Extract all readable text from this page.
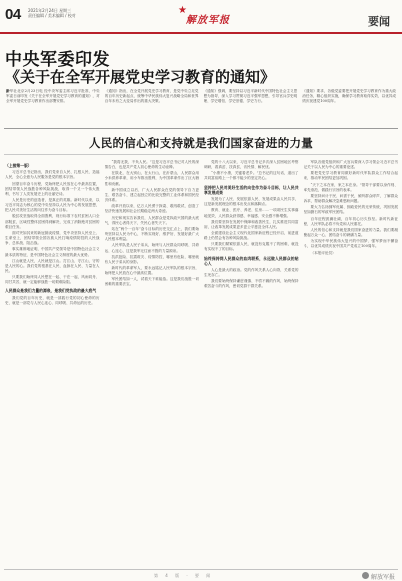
04 2021年2月24日 星期三
责任编辑 / 美术编辑 / 校对	★
解放军报	要闻
中央军委印发
《关于在全军开展党史学习教育的通知》
新华社北京2月23日电 经中央军委主席习近平批准，中央军委日前印发《关于在全军开展党史学习教育的通知》，对全军开展党史学习教育作出部署安排。
《通知》指出，在全党开展党史学习教育，是党中央立足党的百年历史新起点、统筹中华民族伟大复兴战略全局和世界百年未有之大变局作出的重大决策。
《通知》强调，要坚持以习近平新时代中国特色社会主义思想为指导，深入学习贯彻习近平强军思想，引导官兵学史明理、学史增信、学史崇德、学史力行。
《通知》要求，各级党委要把开展党史学习教育作为重大政治任务，精心组织实施，确保学习教育取得实效，以优异成绩庆祝建党100周年。
人民的信心和支持就是我们国家奋进的力量

（上接第一版）

习近平总书记指出，我们党来自人民、扎根人民、造福人民，全心全意为人民服务是党的根本宗旨。

回望百年奋斗历程，党始终把人民放在心中最高位置，团结带领人民战胜各种风险挑战，取得一个又一个伟大胜利，书写了人类发展史上的壮丽史诗。

人民是历史的创造者，是真正的英雄。新时代以来，以习近平同志为核心的党中央坚持以人民为中心的发展思想，把人民对美好生活的向往作为奋斗目标。

脱贫攻坚战取得全面胜利，现行标准下农村贫困人口全部脱贫，区域性整体贫困得到解决，完成了消除绝对贫困的艰巨任务。

面对突如其来的新冠肺炎疫情，党中央坚持人民至上、生命至上，团结带领全国各族人民打响疫情防控的人民战争、总体战、阻击战。

事实雄辩地证明，中国共产党领导是中国特色社会主义最本质的特征，是中国特色社会主义制度的最大优势。

江山就是人民，人民就是江山。打江山、守江山，守的是人民的心。我们党的根基在人民、血脉在人民、力量在人民。

只要我们始终同人民想在一起、干在一起，风雨同舟、同甘共苦，就一定能够战胜一切艰难险阻。

人民群众是我们力量的源泉，是我们党执政的最大底气

我们党的百年历史，就是一部践行党的初心使命的历史，就是一部党与人民心连心、同呼吸、共命运的历史。

“我将无我，不负人民。”这是习近平总书记对人民的深情告白，也是共产党人初心使命的生动诠释。

在陕北，在大别山，在太行山，在沂蒙山，人民群众用小米供养革命，用小车推出胜利，为中国革命作出了巨大牺牲和贡献。

新中国成立以后，广大人民群众在党的领导下自力更生、艰苦奋斗，建立起独立的比较完整的工业体系和国民经济体系。

改革开放以来，亿万人民勇于探索、敢闯敢试，创造了经济快速发展和社会长期稳定两大奇迹。

历史和现实告诉我们，人民群众是党执政兴国的最大底气，得民心者得天下，失民心者失天下。

站在“两个一百年”奋斗目标的历史交汇点上，我们要始终坚持以人民为中心，不断实现好、维护好、发展好最广大人民根本利益。

人民军队是人民子弟兵，始终与人民群众同呼吸、共命运、心连心，这是我军无往而不胜的力量源泉。

抗洪抢险、抗震救灾、疫情防控，哪里有危险，哪里就有人民子弟兵的身影。

新时代的革命军人，要永远铭记人民军队的根本宗旨，始终把人民放在心中最高位置。

军民团结如一人，试看天下谁能敌。这是我们战胜一切困难的重要法宝。

党的十八大以来，习近平总书记多次深入贫困地区考察调研，看真贫、扶真贫，访民情、解民忧。

“小康不小康，关键看老乡。”总书记的这句话，道出了共同富裕路上一个都不能少的坚定决心。

坚持把人民对美好生活的向往作为奋斗目标，让人民共享发展成果

发展为了人民、发展依靠人民、发展成果由人民共享，这是新发展理念的根本出发点和落脚点。

教育、就业、医疗、养老、住房……一项项民生实事落地见效，人民群众获得感、幸福感、安全感不断增强。

我们要坚持在发展中保障和改善民生，扎实推进共同富裕，让改革发展成果更多更公平惠及全体人民。

全面建设社会主义现代化国家新征程已经开启，前进道路上仍然会有各种风险挑战。

只要我们紧紧依靠人民，就没有克服不了的困难，就没有实现不了的目标。

始终保持同人民群众的血肉联系，永远做人民群众的贴心人

人心是最大的政治。党的作风关系人心向背，关系党的生死存亡。

我们要始终保持谦虚谨慎、不骄不躁的作风，始终保持艰苦奋斗的作风，密切党群干群关系。

军队各级党组织和广大官兵要深入学习领会习近平总书记关于以人民为中心的重要论述。

要把党史学习教育同做好新时代军队群众工作结合起来，推动军民团结更加巩固。

“天下之本在家，家之本在身。”领导干部要以身作则、率先垂范，做践行宗旨的表率。

要坚持问计于民、问需于民，倾听群众呼声，了解群众诉求，帮助群众解决急难愁盼问题。

要大力弘扬拥军优属、拥政爱民的光荣传统，巩固发展坚如磐石的军政军民团结。

百年征程波澜壮阔，百年初心历久弥坚。新时代新征程，人民军队必将不负党和人民重托。

人民的信心和支持就是我们国家奋进的力量。我们要凝聚起万众一心、团结奋斗的磅礴力量。

为实现中华民族伟大复兴的中国梦、强军梦而不懈奋斗，以优异成绩庆祝中国共产党成立100周年。

（本报评论员）

第 4 版 · 要 闻	解放军报
